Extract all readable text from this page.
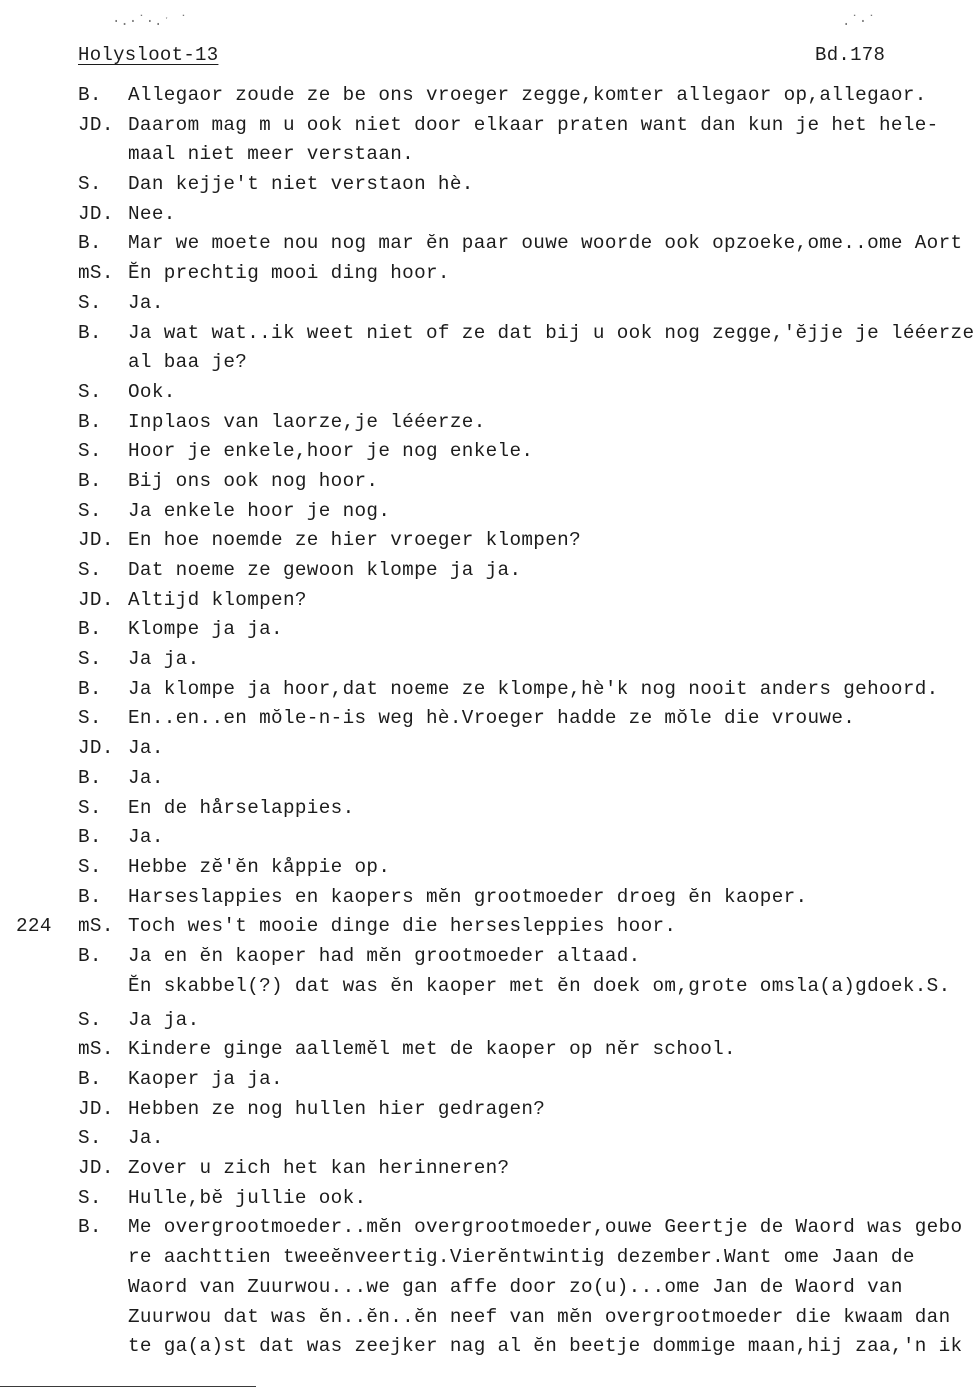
Holysloot-13	Bd.178
·.·˙·.ˑ ˙	.˙·˙
B. Allegaor zoude ze be ons vroeger zegge,komter allegaor op,allegaor.
JD. Daarom mag m u ook niet door elkaar praten want dan kun je het hele-
maal niet meer verstaan.
S. Dan kejje't niet verstaon hè.
JD. Nee.
B. Mar we moete nou nog mar ĕn paar ouwe woorde ook opzoeke,ome..ome Aort
mS. Ĕn prechtig mooi ding hoor.
S. Ja.
B. Ja wat wat..ik weet niet of ze dat bij u ook nog zegge,'ĕjje je lééerze
al baa je?
S. Ook.
B. Inplaos van laorze,je lééerze.
S. Hoor je enkele,hoor je nog enkele.
B. Bij ons ook nog hoor.
S. Ja enkele hoor je nog.
JD. En hoe noemde ze hier vroeger klompen?
S. Dat noeme ze gewoon klompe ja ja.
JD. Altijd klompen?
B. Klompe ja ja.
S. Ja ja.
B. Ja klompe ja hoor,dat noeme ze klompe,hè'k nog nooit anders gehoord.
S. En..en..en mŏle-n-is weg hè.Vroeger hadde ze mŏle die vrouwe.
JD. Ja.
B. Ja.
S. En de hårselappies.
B. Ja.
S. Hebbe zĕ'ĕn kåppie op.
B. Harseslappies en kaopers mĕn grootmoeder droeg ĕn kaoper.
224 mS. Toch wes't mooie dinge die hersesleppies hoor.
B. Ja en ĕn kaoper had mĕn grootmoeder altaad.
Ĕn skabbel(?) dat was ĕn kaoper met ĕn doek om,grote omsla(a)gdoek.S.
S. Ja ja.
mS. Kindere ginge aallemĕl met de kaoper op nĕr school.
B. Kaoper ja ja.
JD. Hebben ze nog hullen hier gedragen?
S. Ja.
JD. Zover u zich het kan herinneren?
S. Hulle,bĕ jullie ook.
B. Me overgrootmoeder..mĕn overgrootmoeder,ouwe Geertje de Waord was gebo
re aachttien tweeĕnveertig.Vierĕntwintig dezember.Want ome Jaan de
Waord van Zuurwou...we gan affe door zo(u)...ome Jan de Waord van
Zuurwou dat was ĕn..ĕn..ĕn neef van mĕn overgrootmoeder die kwaam dan
te ga(a)st dat was zeejker nag al ĕn beetje dommige maan,hij zaa,'n ik
